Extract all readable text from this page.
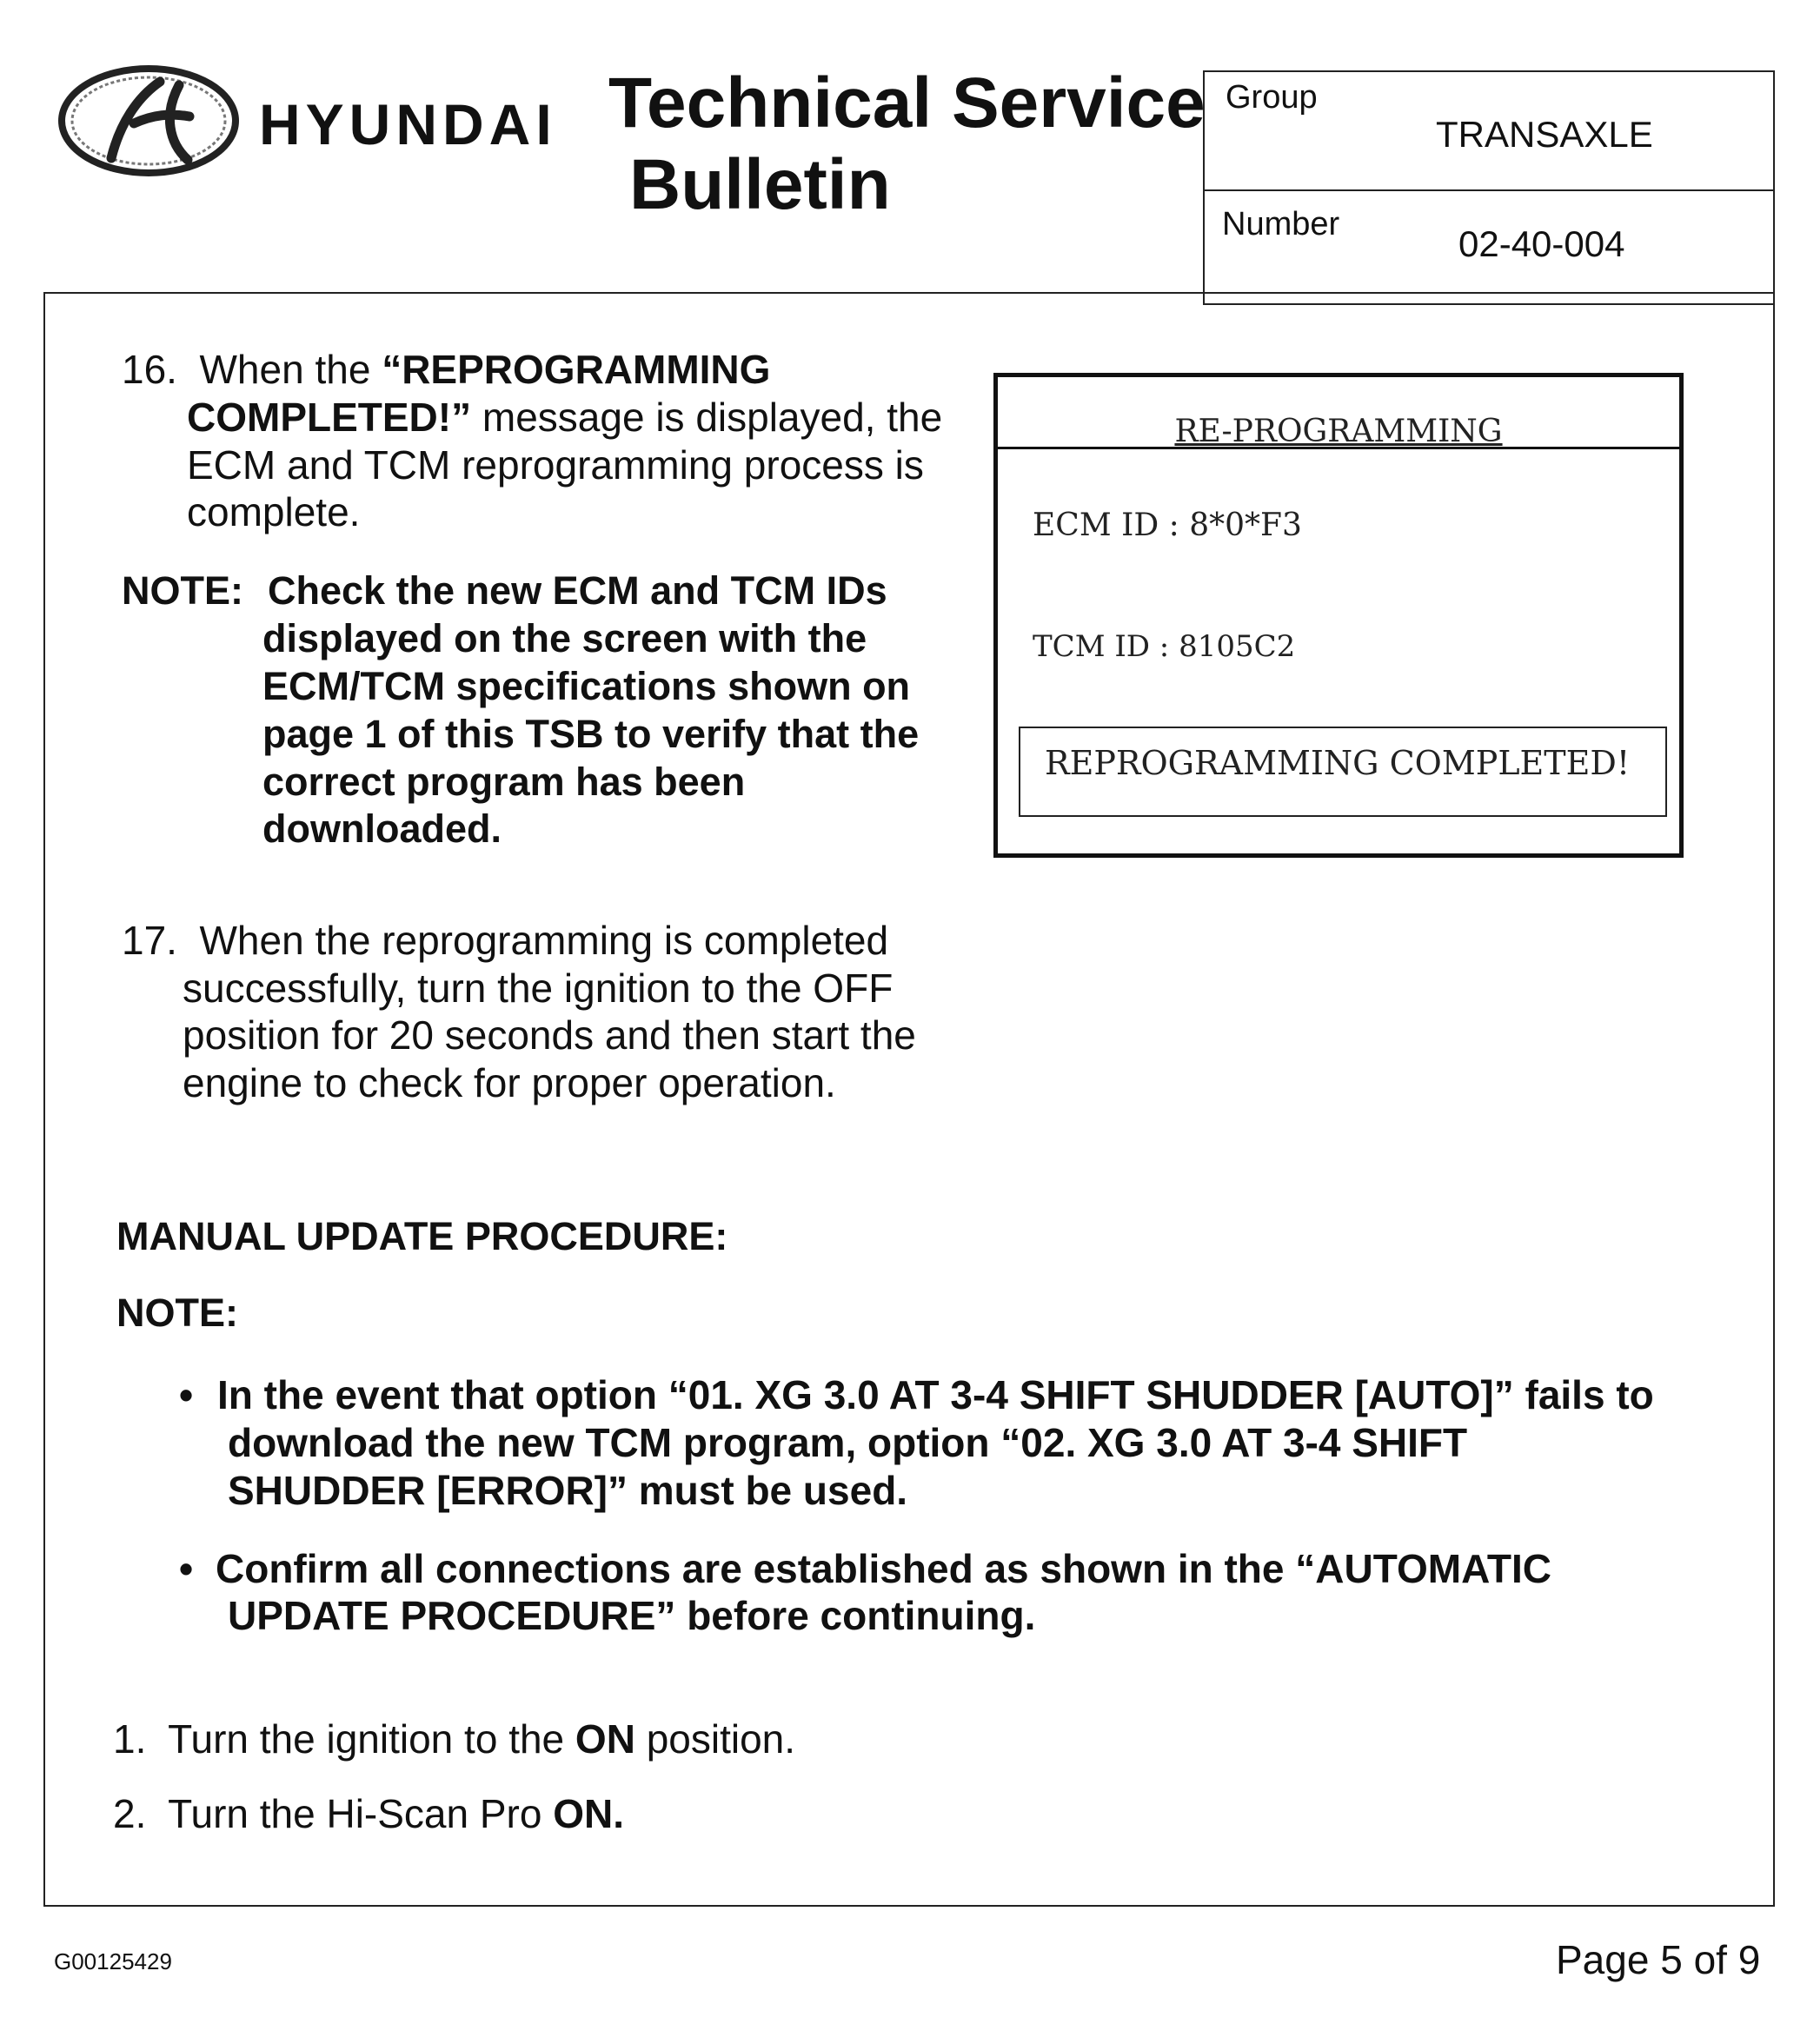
HYUNDAI Technical Service
Bulletin
Group
TRANSAXLE
Number	02-40-004
16. When the “REPROGRAMMING
COMPLETED!” message is displayed, the
ECM and TCM reprogramming process is
complete.
NOTE: Check the new ECM and TCM IDs
displayed on the screen with the
ECM/TCM specifications shown on
page 1 of this TSB to verify that the
correct program has been
downloaded.
RE-PROGRAMMING
ECM ID : 8*0*F3
TCM ID : 8105C2
REPROGRAMMING COMPLETED!
17. When the reprogramming is completed
successfully, turn the ignition to the OFF
position for 20 seconds and then start the
engine to check for proper operation.
MANUAL UPDATE PROCEDURE:
NOTE:
• In the event that option “01. XG 3.0 AT 3-4 SHIFT SHUDDER [AUTO]” fails to
download the new TCM program, option “02. XG 3.0 AT 3-4 SHIFT
SHUDDER [ERROR]” must be used.
• Confirm all connections are established as shown in the “AUTOMATIC
UPDATE PROCEDURE” before continuing.
1. Turn the ignition to the ON position.
2. Turn the Hi-Scan Pro ON.
G00125429	Page 5 of 9
